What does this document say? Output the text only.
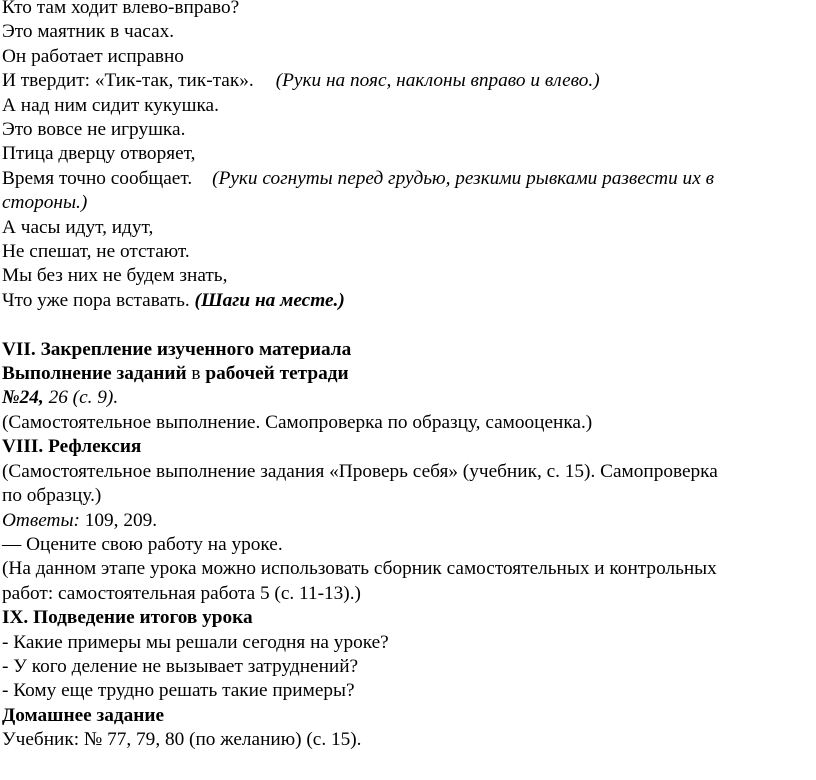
Кто там ходит влево-вправо?
Это маятник в часах.
Он работает исправно
И твердит: «Тик-так, тик-так». (Руки на пояс, наклоны вправо и влево.)
А над ним сидит кукушка.
Это вовсе не игрушка.
Птица дверцу отворяет,
Время точно сообщает. (Руки согнуты перед грудью, резкими рывками развести их в
стороны.)
А часы идут, идут,
Не спешат, не отстают.
Мы без них не будем знать,
Что уже пора вставать. (Шаги на месте.)
VII. Закрепление изученного материала
Выполнение заданий в рабочей тетради
№24, 26 (с. 9).
(Самостоятельное выполнение. Самопроверка по образцу, самооценка.)
VIII. Рефлексия
(Самостоятельное выполнение задания «Проверь себя» (учебник, с. 15). Самопроверка
по образцу.)
Ответы: 109, 209.
— Оцените свою работу на уроке.
(На данном этапе урока можно использовать сборник самостоятельных и контрольных
работ: самостоятельная работа 5 (с. 11-13).)
IX. Подведение итогов урока
- Какие примеры мы решали сегодня на уроке?
- У кого деление не вызывает затруднений?
- Кому еще трудно решать такие примеры?
Домашнее задание
Учебник: № 77, 79, 80 (по желанию) (с. 15).
